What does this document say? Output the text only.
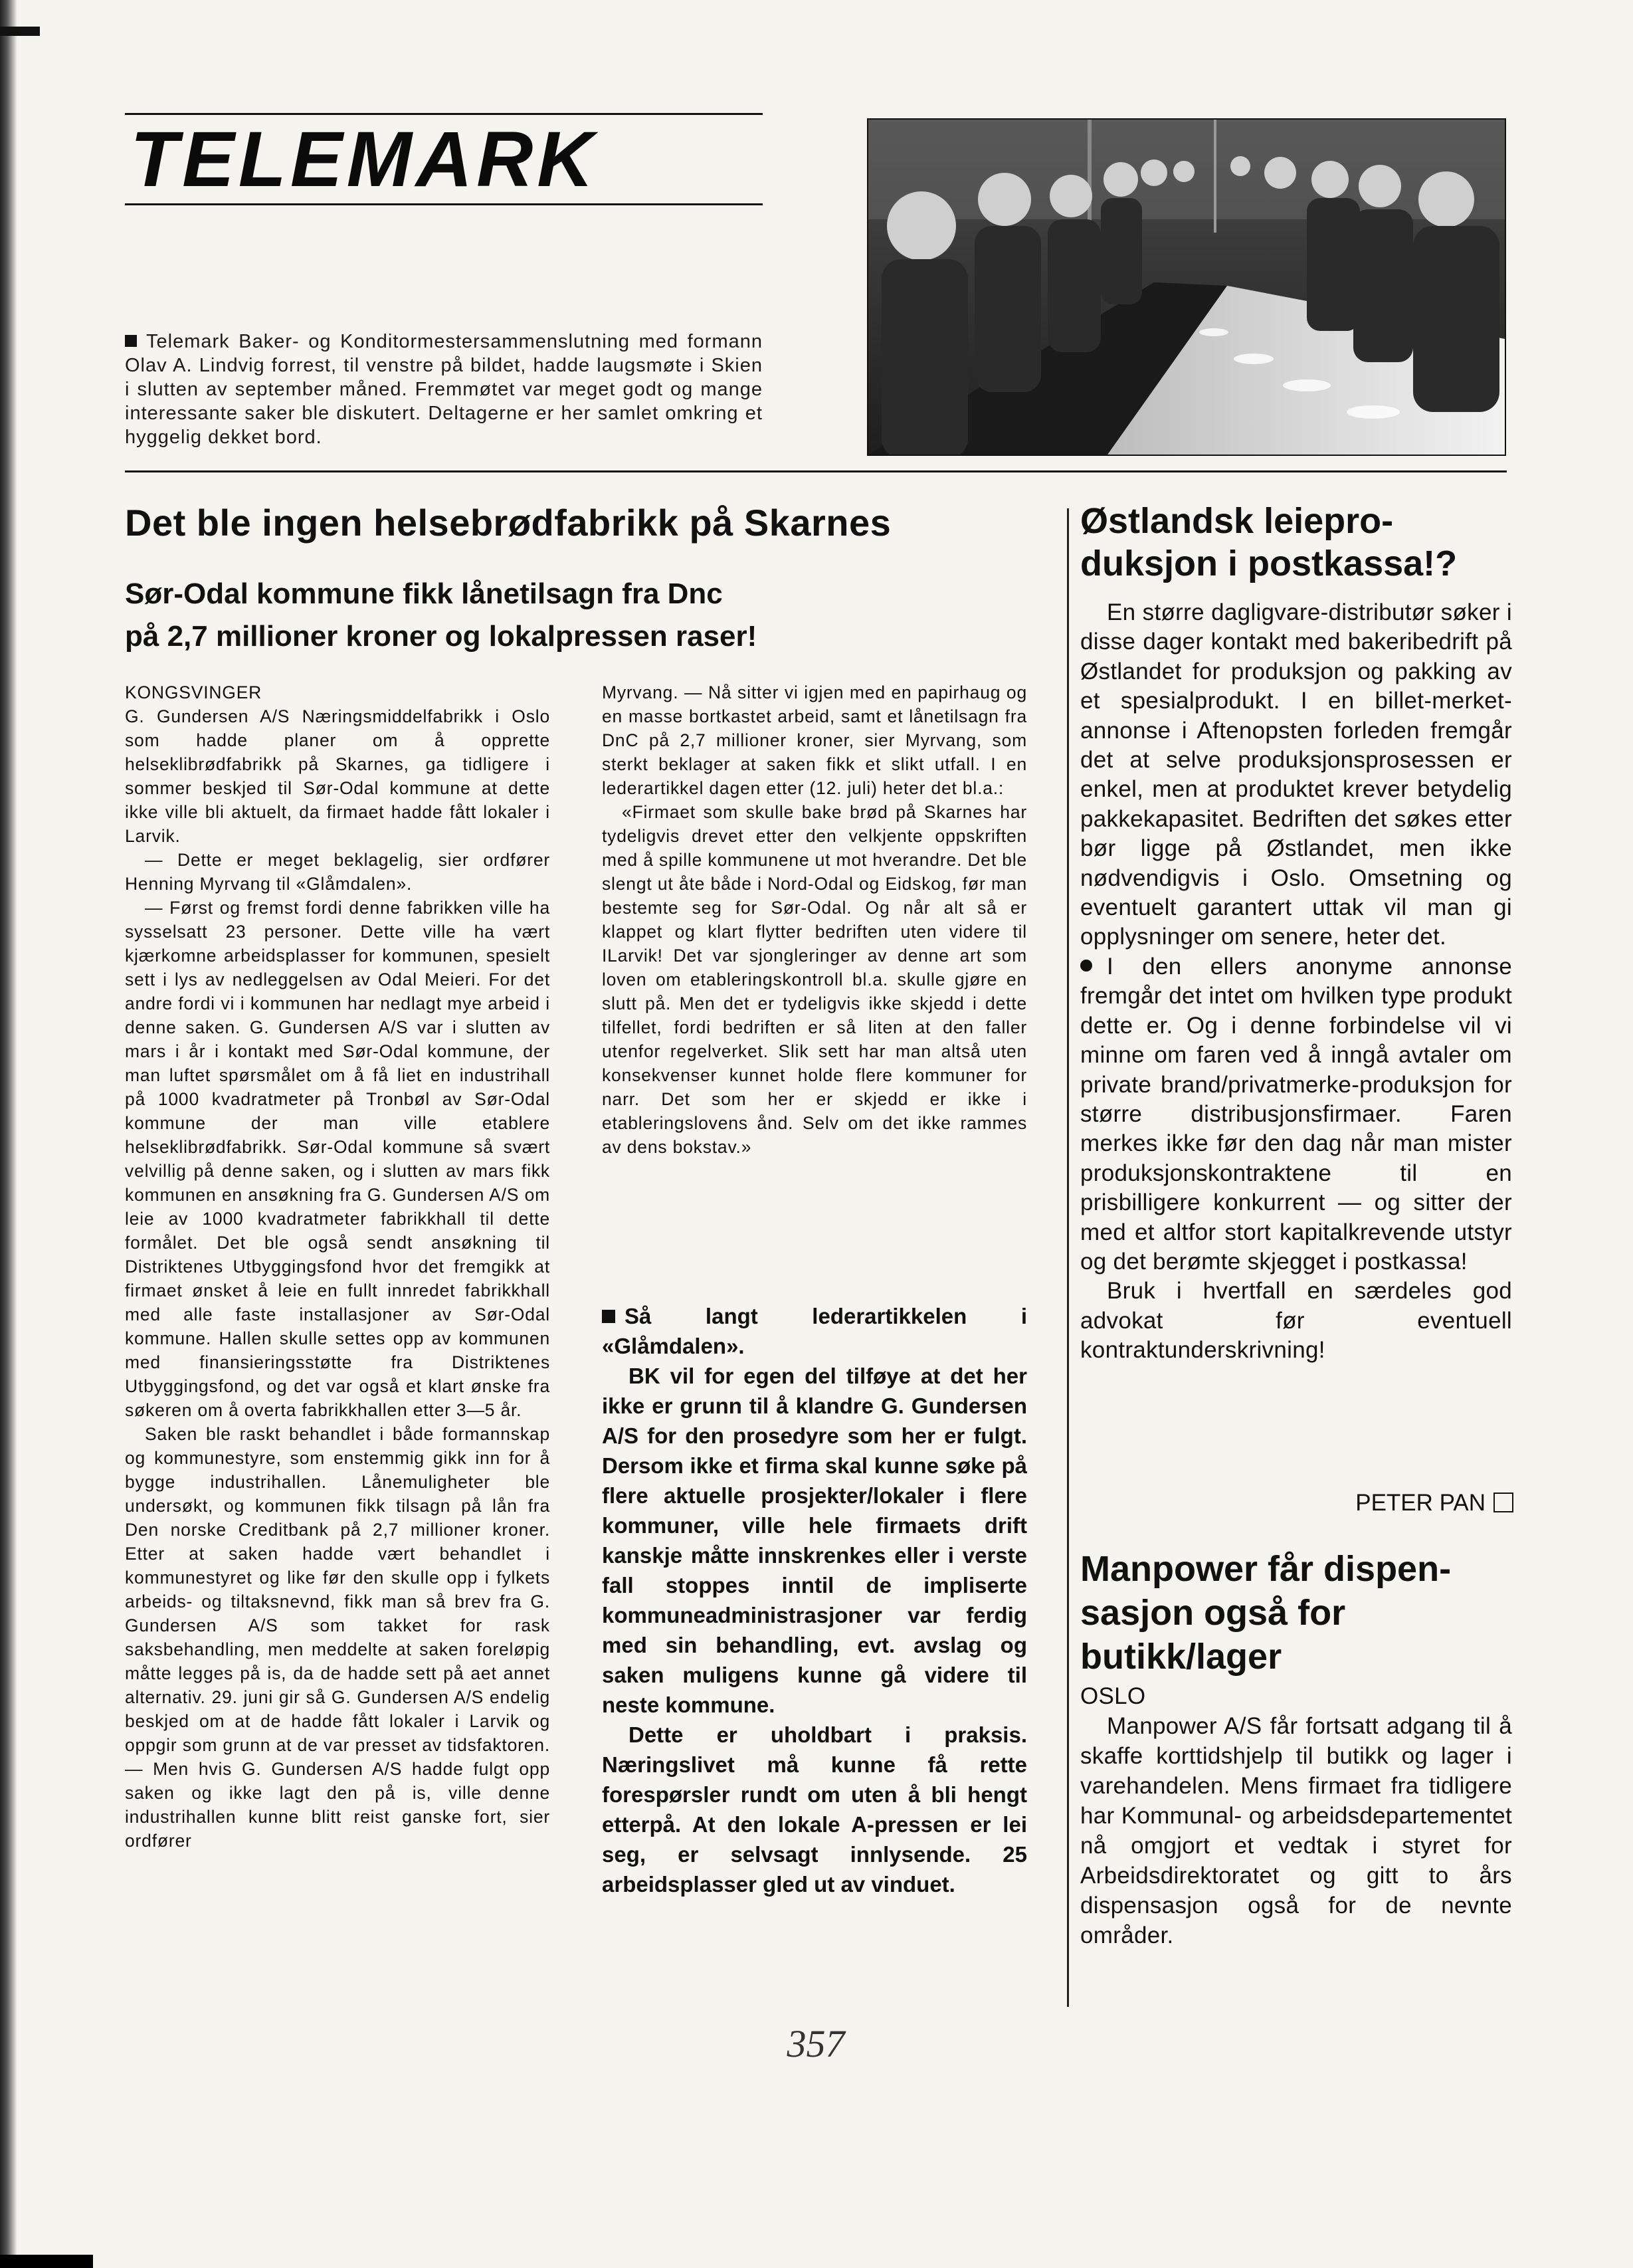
TELEMARK
Telemark Baker- og Konditormestersammenslutning med formann Olav A. Lindvig forrest, til venstre på bildet, hadde laugsmøte i Skien i slutten av september måned. Fremmøtet var meget godt og mange interessante saker ble diskutert. Deltagerne er her samlet omkring et hyggelig dekket bord.
Det ble ingen helsebrødfabrikk på Skarnes
Sør-Odal kommune fikk lånetilsagn fra Dnc
på 2,7 millioner kroner og lokalpressen raser!

KONGSVINGER

G. Gundersen A/S Næringsmiddelfabrikk i Oslo som hadde planer om å opprette helseklibrødfabrikk på Skarnes, ga tidligere i sommer beskjed til Sør-Odal kommune at dette ikke ville bli aktuelt, da firmaet hadde fått lokaler i Larvik.

— Dette er meget beklagelig, sier ordfører Henning Myrvang til «Glåmdalen».

— Først og fremst fordi denne fabrikken ville ha sysselsatt 23 personer. Dette ville ha vært kjærkomne arbeidsplasser for kommunen, spesielt sett i lys av nedleggelsen av Odal Meieri. For det andre fordi vi i kommunen har nedlagt mye arbeid i denne saken. G. Gundersen A/S var i slutten av mars i år i kontakt med Sør-Odal kommune, der man luftet spørsmålet om å få liet en industrihall på 1000 kvadratmeter på Tronbøl av Sør-Odal kommune der man ville etablere helseklibrødfabrikk. Sør-Odal kommune så svært velvillig på denne saken, og i slutten av mars fikk kommunen en ansøkning fra G. Gundersen A/S om leie av 1000 kvadratmeter fabrikkhall til dette formålet. Det ble også sendt ansøkning til Distriktenes Utbyggingsfond hvor det fremgikk at firmaet ønsket å leie en fullt innredet fabrikkhall med alle faste installasjoner av Sør-Odal kommune. Hallen skulle settes opp av kommunen med finansieringsstøtte fra Distriktenes Utbyggingsfond, og det var også et klart ønske fra søkeren om å overta fabrikkhallen etter 3—5 år.

Saken ble raskt behandlet i både formannskap og kommunestyre, som enstemmig gikk inn for å bygge industrihallen. Lånemuligheter ble undersøkt, og kommunen fikk tilsagn på lån fra Den norske Creditbank på 2,7 millioner kroner. Etter at saken hadde vært behandlet i kommunestyret og like før den skulle opp i fylkets arbeids- og tiltaksnevnd, fikk man så brev fra G. Gundersen A/S som takket for rask saksbehandling, men meddelte at saken foreløpig måtte legges på is, da de hadde sett på aet annet alternativ. 29. juni gir så G. Gundersen A/S endelig beskjed om at de hadde fått lokaler i Larvik og oppgir som grunn at de var presset av tidsfaktoren. — Men hvis G. Gundersen A/S hadde fulgt opp saken og ikke lagt den på is, ville denne industrihallen kunne blitt reist ganske fort, sier ordfører

Myrvang. — Nå sitter vi igjen med en papirhaug og en masse bortkastet arbeid, samt et lånetilsagn fra DnC på 2,7 millioner kroner, sier Myrvang, som sterkt beklager at saken fikk et slikt utfall. I en lederartikkel dagen etter (12. juli) heter det bl.a.:

«Firmaet som skulle bake brød på Skarnes har tydeligvis drevet etter den velkjente oppskriften med å spille kommunene ut mot hverandre. Det ble slengt ut åte både i Nord-Odal og Eidskog, før man bestemte seg for Sør-Odal. Og når alt så er klappet og klart flytter bedriften uten videre til ILarvik! Det var sjongleringer av denne art som loven om etableringskontroll bl.a. skulle gjøre en slutt på. Men det er tydeligvis ikke skjedd i dette tilfellet, fordi bedriften er så liten at den faller utenfor regelverket. Slik sett har man altså uten konsekvenser kunnet holde flere kommuner for narr. Det som her er skjedd er ikke i etableringslovens ånd. Selv om det ikke rammes av dens bokstav.»

Så langt lederartikkelen i «Glåmdalen».

BK vil for egen del tilføye at det her ikke er grunn til å klandre G. Gundersen A/S for den prosedyre som her er fulgt. Dersom ikke et firma skal kunne søke på flere aktuelle prosjekter/lokaler i flere kommuner, ville hele firmaets drift kanskje måtte innskrenkes eller i verste fall stoppes inntil de impliserte kommuneadministrasjoner var ferdig med sin behandling, evt. avslag og saken muligens kunne gå videre til neste kommune.

Dette er uholdbart i praksis. Næringslivet må kunne få rette forespørsler rundt om uten å bli hengt etterpå. At den lokale A-pressen er lei seg, er selvsagt innlysende. 25 arbeidsplasser gled ut av vinduet.

Østlandsk leiepro-
duksjon i postkassa!?

En større dagligvare-distributør søker i disse dager kontakt med bakeribedrift på Østlandet for produksjon og pakking av et spesialprodukt. I en billet-merket-annonse i Aftenopsten forleden fremgår det at selve produksjonsprosessen er enkel, men at produktet krever betydelig pakkekapasitet. Bedriften det søkes etter bør ligge på Østlandet, men ikke nødvendigvis i Oslo. Omsetning og eventuelt garantert uttak vil man gi opplysninger om senere, heter det.

I den ellers anonyme annonse fremgår det intet om hvilken type produkt dette er. Og i denne forbindelse vil vi minne om faren ved å inngå avtaler om private brand/privatmerke-produksjon for større distribusjonsfirmaer. Faren merkes ikke før den dag når man mister produksjonskontraktene til en prisbilligere konkurrent — og sitter der med et altfor stort kapitalkrevende utstyr og det berømte skjegget i postkassa!

Bruk i hvertfall en særdeles god advokat før eventuell kontraktunderskrivning!

PETER PAN
Manpower får dispen-
sasjon også for
butikk/lager

OSLO

Manpower A/S får fortsatt adgang til å skaffe korttidshjelp til butikk og lager i varehandelen. Mens firmaet fra tidligere har Kommunal- og arbeidsdepartementet nå omgjort et vedtak i styret for Arbeidsdirektoratet og gitt to års dispensasjon også for de nevnte områder.

357
